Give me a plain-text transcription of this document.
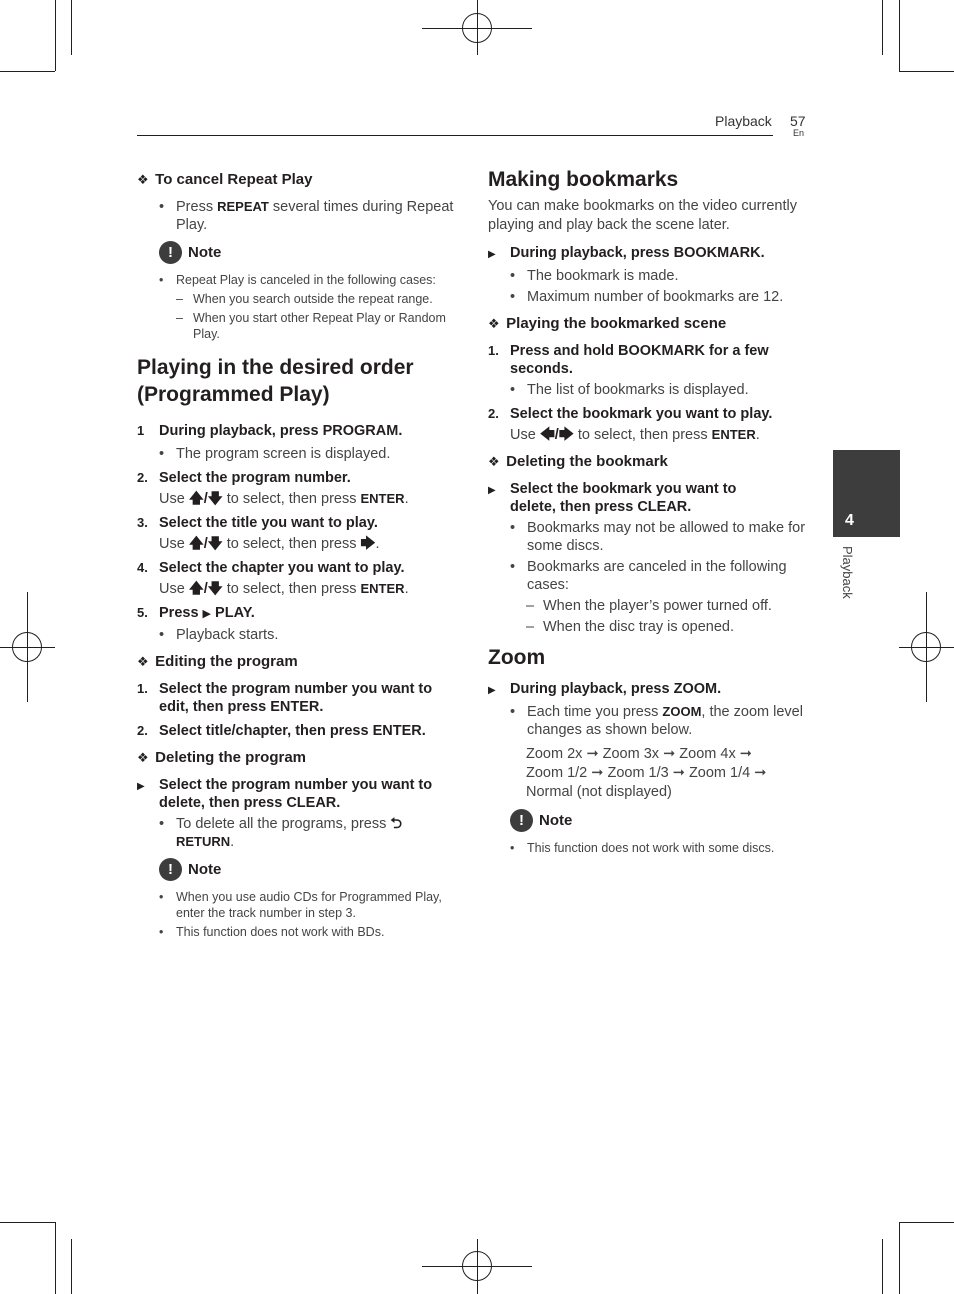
Playback 57
En
4
Playback
❖ To cancel Repeat Play
• Press REPEAT several times during Repeat Play.
!	Note
•	Repeat Play is canceled in the following cases:
– When you search outside the repeat range.
– When you start other Repeat Play or Random Play.
Playing in the desired order
(Programmed Play)
1	During playback, press PROGRAM.
• The program screen is displayed.
2. Select the program number.
Use 🡅/🡇 to select, then press ENTER.
3. Select the title you want to play.
Use 🡅/🡇 to select, then press 🡆.
4. Select the chapter you want to play.
Use 🡅/🡇 to select, then press ENTER.
5. Press ▶ PLAY.
• Playback starts.
❖ Editing the program
1. Select the program number you want to
edit, then press ENTER.
2. Select title/chapter, then press ENTER.
❖ Deleting the program
▶ Select the program number you want to
delete, then press CLEAR.
• To delete all the programs, press ⮌
RETURN.
!	Note
•	When you use audio CDs for Programmed Play, enter the track number in step 3.
•	This function does not work with BDs.
Making bookmarks
You can make bookmarks on the video currently playing and play back the scene later.
▶ During playback, press BOOKMARK.
• The bookmark is made.
• Maximum number of bookmarks are 12.
❖ Playing the bookmarked scene
1. Press and hold BOOKMARK for a few
seconds.
• The list of bookmarks is displayed.
2. Select the bookmark you want to play.
Use 🡄/🡆 to select, then press ENTER.
❖ Deleting the bookmark
▶ Select the bookmark you want to
delete, then press CLEAR.
• Bookmarks may not be allowed to make for some discs.
• Bookmarks are canceled in the following cases:
– When the player’s power turned off.
– When the disc tray is opened.
Zoom
▶ During playback, press ZOOM.
• Each time you press ZOOM, the zoom level changes as shown below.
Zoom 2x ➞ Zoom 3x ➞ Zoom 4x ➞
Zoom 1/2 ➞ Zoom 1/3 ➞ Zoom 1/4 ➞
Normal (not displayed)
!	Note
•	This function does not work with some discs.
